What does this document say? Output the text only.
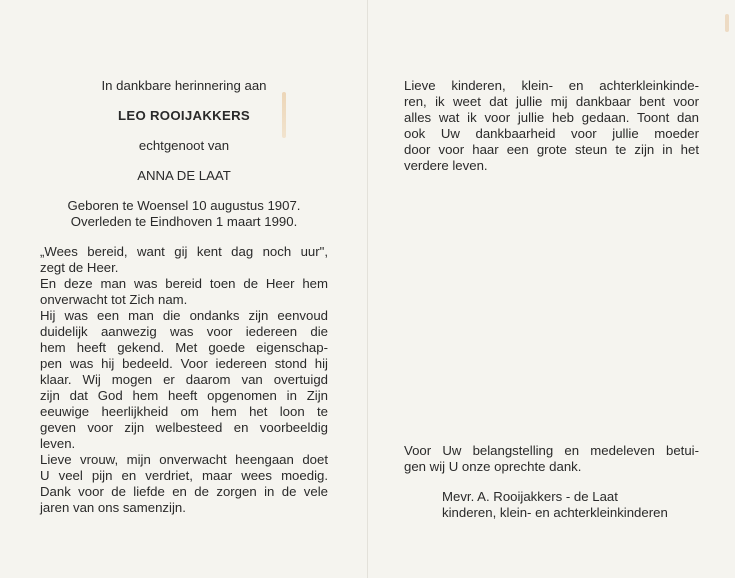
In dankbare herinnering aan

LEO ROOIJAKKERS

echtgenoot van

ANNA DE LAAT

Geboren te Woensel 10 augustus 1907.

Overleden te Eindhoven 1 maart 1990.

„Wees bereid, want gij kent dag noch uur",
zegt de Heer.
En deze man was bereid toen de Heer hem
onverwacht tot Zich nam.
Hij was een man die ondanks zijn eenvoud
duidelijk aanwezig was voor iedereen die
hem heeft gekend. Met goede eigenschap-
pen was hij bedeeld. Voor iedereen stond hij
klaar. Wij mogen er daarom van overtuigd
zijn dat God hem heeft opgenomen in Zijn
eeuwige heerlijkheid om hem het loon te
geven voor zijn welbesteed en voorbeeldig
leven.
Lieve vrouw, mijn onverwacht heengaan doet
U veel pijn en verdriet, maar wees moedig.
Dank voor de liefde en de zorgen in de vele
jaren van ons samenzijn.
Lieve kinderen, klein- en achterkleinkinde-
ren, ik weet dat jullie mij dankbaar bent voor
alles wat ik voor jullie heb gedaan. Toont dan
ook Uw dankbaarheid voor jullie moeder
door voor haar een grote steun te zijn in het
verdere leven.
Voor Uw belangstelling en medeleven betui-
gen wij U onze oprechte dank.
Mevr. A. Rooijakkers - de Laat
kinderen, klein- en achterkleinkinderen
